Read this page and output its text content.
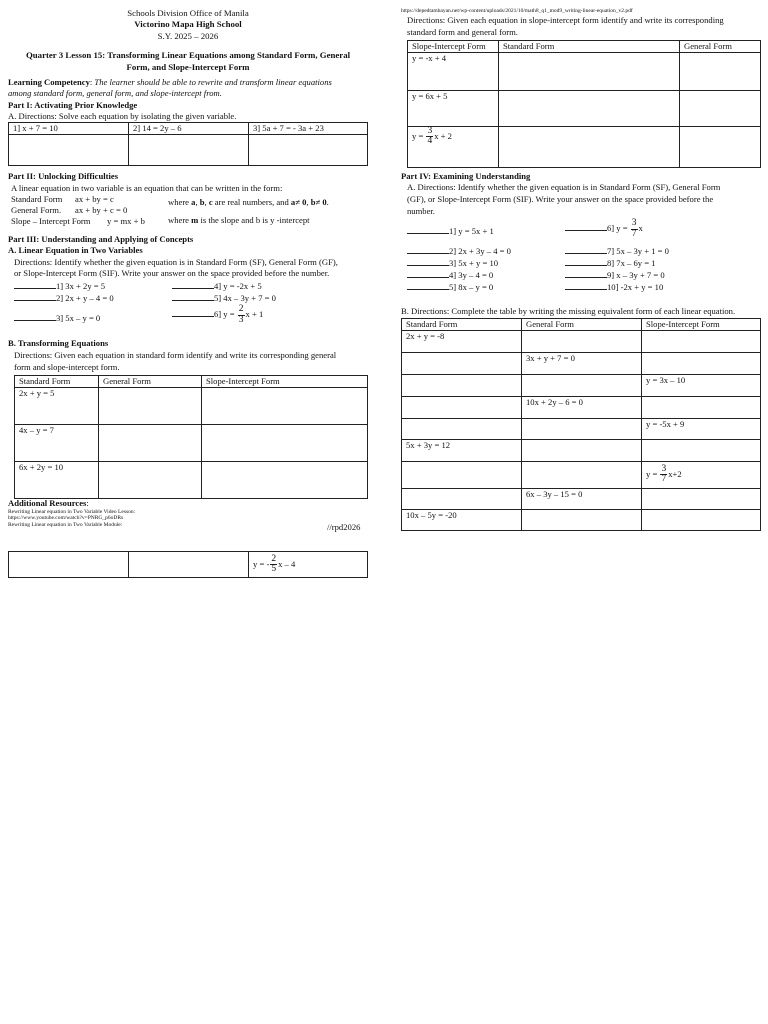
Schools Division Office of Manila
Victorino Mapa High School
S.Y. 2025 – 2026
Quarter 3 Lesson 15: Transforming Linear Equations among Standard Form, General
Form, and Slope-Intercept Form
Learning Competency: The learner should be able to rewrite and transform linear equations
among standard form, general form, and slope-intercept from.
Part I: Activating Prior Knowledge
A. Directions: Solve each equation by isolating the given variable.
1] x + 7 = 10	2] 14 = 2y – 6	3] 5a + 7 = - 3a + 23

Part II: Unlocking Difficulties
A linear equation in two variable is an equation that can be written in the form:
Standard Form ax + by = c	where a, b, c are real numbers, and a≠ 0, b≠ 0.
General Form. ax + by + c = 0
Slope – Intercept Form y = mx + b	where m is the slope and b is y -intercept
Part III: Understanding and Applying of Concepts
A. Linear Equation in Two Variables
Directions: Identify whether the given equation is in Standard Form (SF), General Form (GF),
or Slope-Intercept Form (SIF). Write your answer on the space provided before the number.
1] 3x + 2y = 5
2] 2x + y – 4 = 0
3] 5x – y = 0
4] y = -2x + 5
5] 4x – 3y + 7 = 0
6] $y = \frac{2}{3}$ x + 1
B. Transforming Equations
Directions: Given each equation in standard form identify and write its corresponding general
form and slope-intercept form.
Standard Form	General Form	Slope-Intercept Form
2x + y = 5		
4x – y = 7		
6x + 2y = 10		
Additional Resources:
Rewriting Linear equation in Two Variable Video Lesson:
https://www.youtube.com/watch?v=PNRG_p6oDRs
Rewriting Linear equation in Two Variable Module:	//rpd2026
		y = - $\frac{2}{5}$ x – 4
https://depedtambayan.net/wp-content/uploads/2021/10/math8_q1_mod9_writing-linear-equation_v2.pdf
Directions: Given each equation in slope-intercept form identify and write its corresponding
standard form and general form.
Slope-Intercept Form	Standard Form	General Form
y = -x + 4		
y = 6x + 5		
$y = \frac{3}{4}$ x + 2		
Part IV: Examining Understanding
A. Directions: Identify whether the given equation is in Standard Form (SF), General Form
(GF), or Slope-Intercept Form (SIF). Write your answer on the space provided before the
number.
1] y = 5x + 1
2] 2x + 3y – 4 = 0
3] 5x + y = 10
4] 3y – 4 = 0
5] 8x – y = 0
6] $y = \frac{3}{7}$ x
7] 5x – 3y + 1 = 0
8] 7x – 6y = 1
9] x – 3y + 7 = 0
10] -2x + y = 10
B. Directions: Complete the table by writing the missing equivalent form of each linear equation.
Standard Form	General Form	Slope-Intercept Form
2x + y = -8		
	3x + y + 7 = 0	
		y = 3x – 10
	10x + 2y – 6 = 0	
		y = -5x + 9
5x + 3y = 12		
		$y = \frac{3}{7} x+2$
	6x – 3y – 15 = 0	
10x – 5y = -20		
